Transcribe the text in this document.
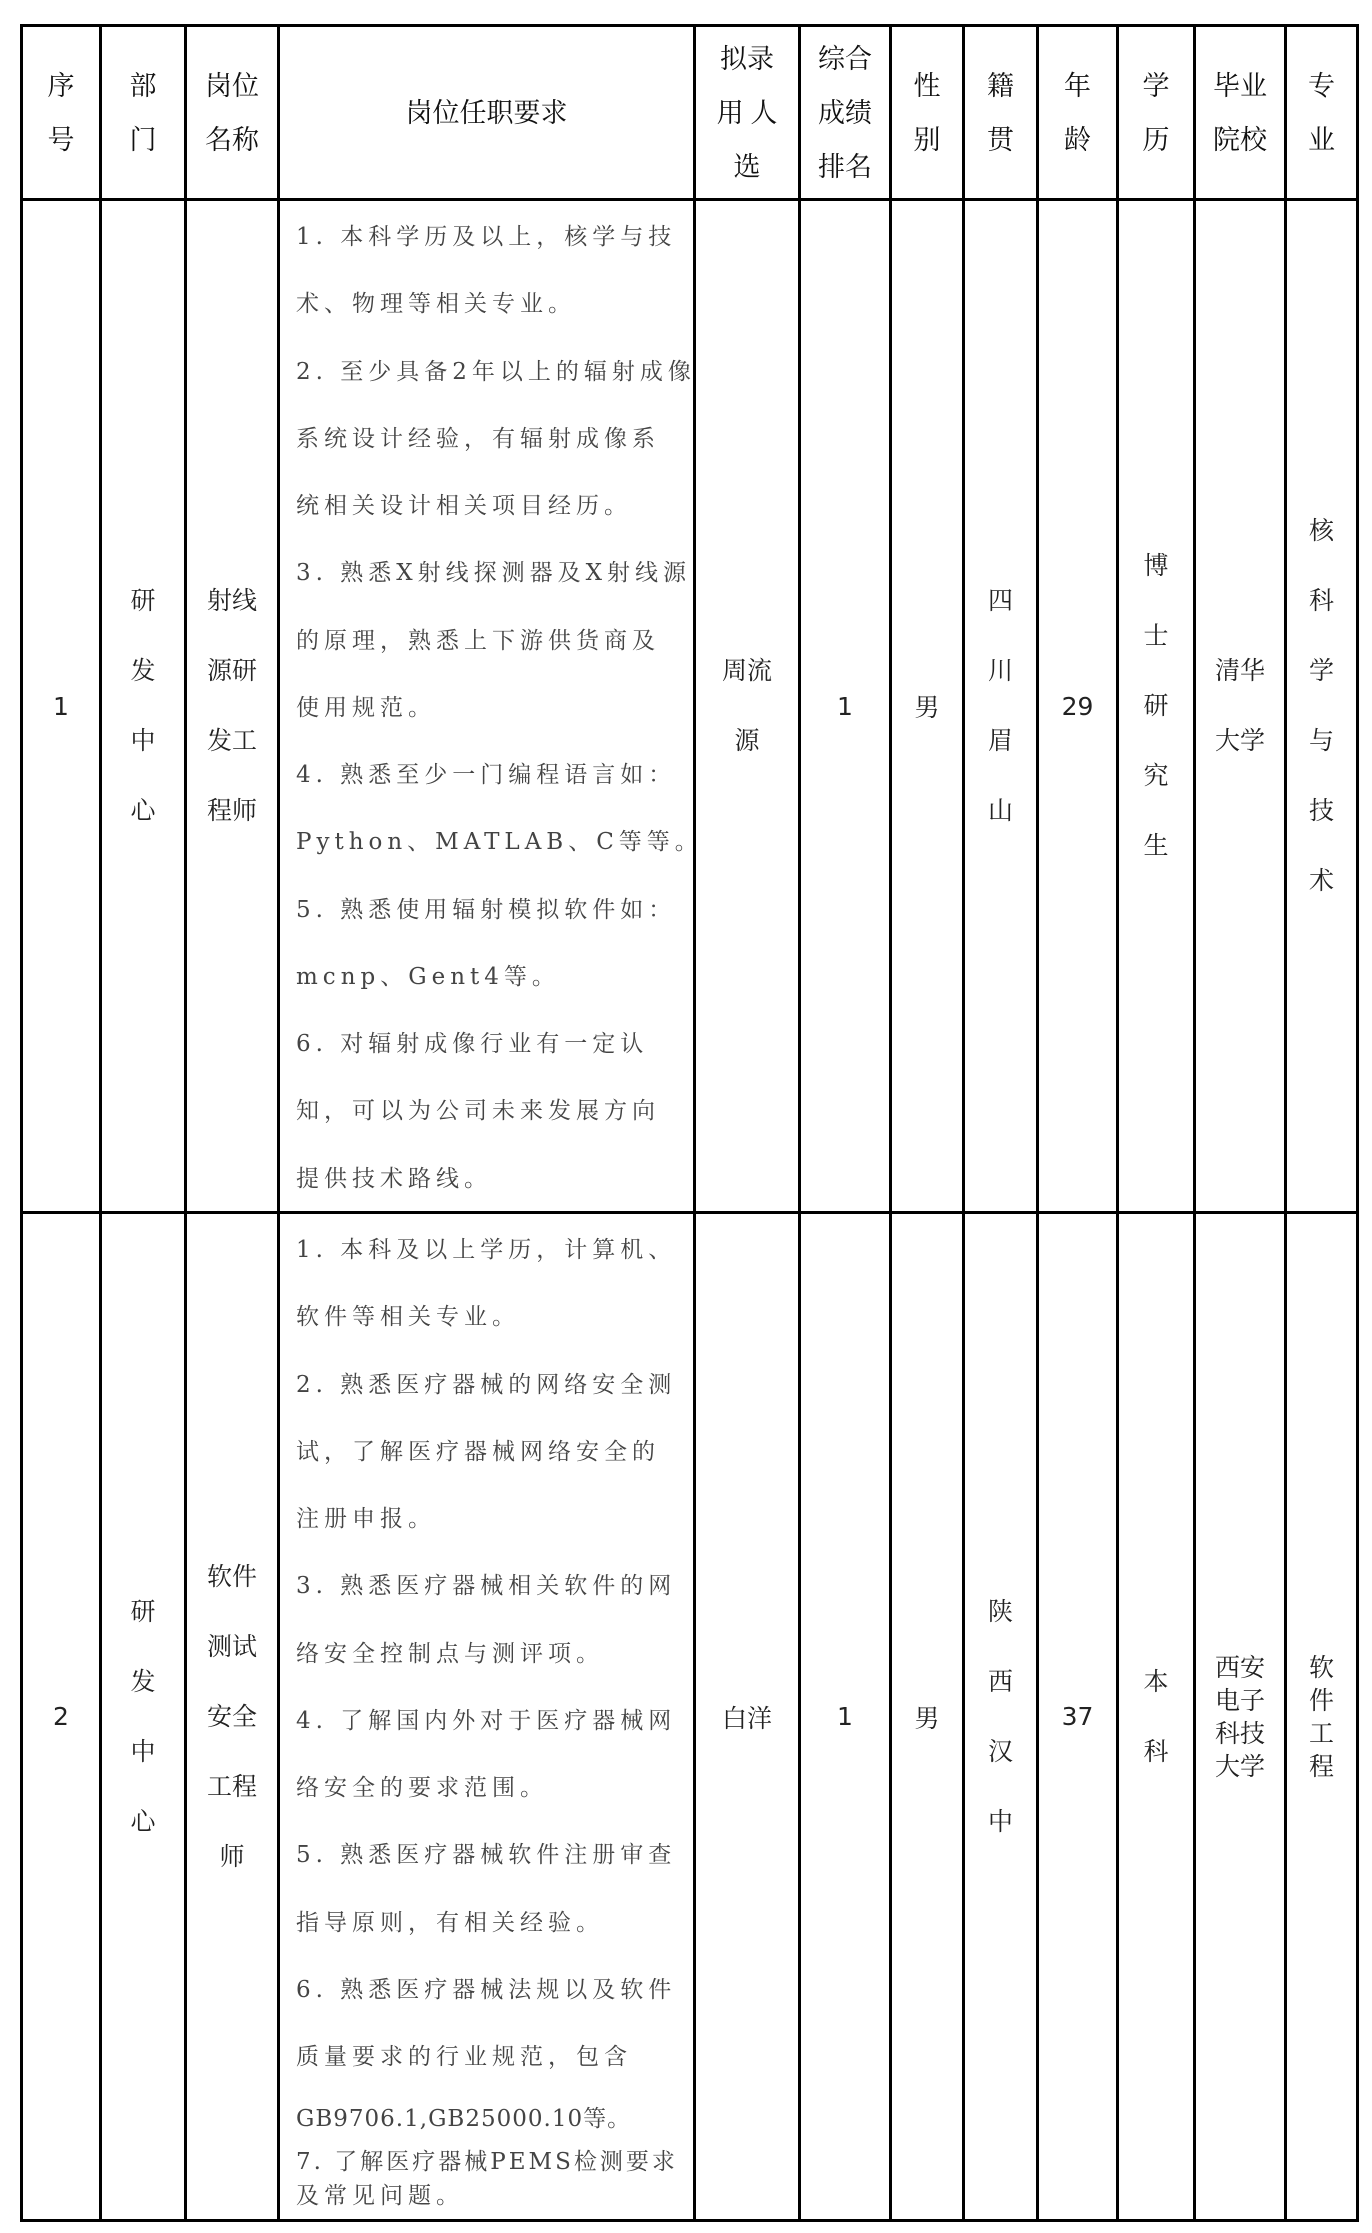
序
号
部
门
岗位
名称
岗位任职要求
拟录
用 人
选
综合
成绩
排名
性
别
籍
贯
年
龄
学
历
毕业
院校
专
业
1
研
发
中
心
射线
源研
发工
程师
1. 本科学历及以上，核学与技
术、物理等相关专业。
2. 至少具备2年以上的辐射成像
系统设计经验，有辐射成像系
统相关设计相关项目经历。
3. 熟悉X射线探测器及X射线源
的原理，熟悉上下游供货商及
使用规范。
4. 熟悉至少一门编程语言如：
Python、MATLAB、C等等。
5. 熟悉使用辐射模拟软件如：
mcnp、Gent4等。
6. 对辐射成像行业有一定认
知，可以为公司未来发展方向
提供技术路线。
周流
源
1 男
四
川
眉
山
29
博
士
研
究
生
清华
大学
核
科
学
与
技
术
2
研
发
中
心
软件
测试
安全
工程
师
1. 本科及以上学历，计算机、
软件等相关专业。
2. 熟悉医疗器械的网络安全测
试，了解医疗器械网络安全的
注册申报。
3. 熟悉医疗器械相关软件的网
络安全控制点与测评项。
4. 了解国内外对于医疗器械网
络安全的要求范围。
5. 熟悉医疗器械软件注册审查
指导原则，有相关经验。
6. 熟悉医疗器械法规以及软件
质量要求的行业规范，包含
GB9706.1,GB25000.10等。
7. 了解医疗器械PEMS检测要求
及常见问题。
白洋	1 男
陕
西
汉
中
37
本
科
西安
电子
科技
大学
软
件
工
程
